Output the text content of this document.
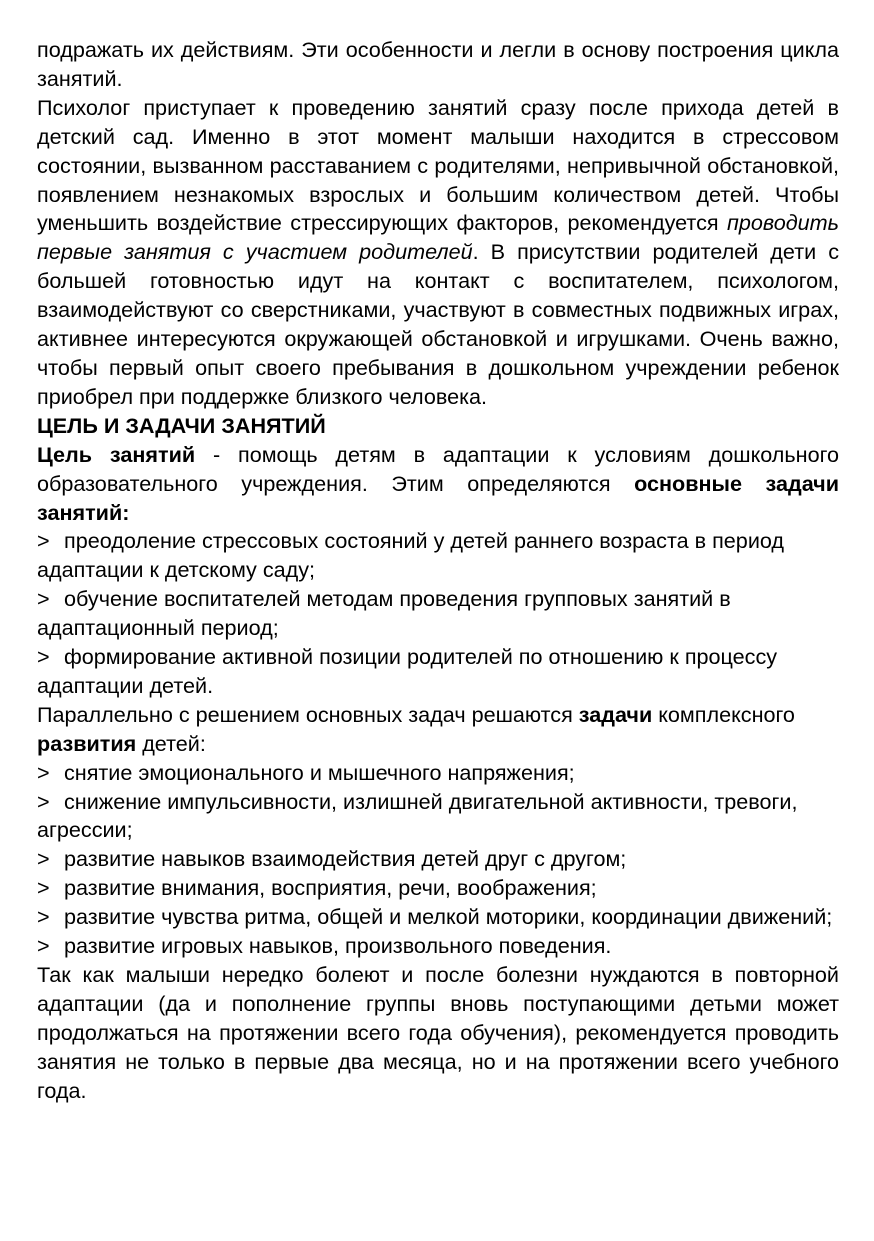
подражать их действиям. Эти особенности и легли в основу построения цикла занятий.

Психолог приступает к проведению занятий сразу после прихода детей в детский сад. Именно в этот момент малыши находится в стрессовом состоянии, вызванном расставанием с родителями, непривычной обстановкой, появлением незнакомых взрослых и большим количеством детей. Чтобы уменьшить воздействие стрессирующих факторов, рекомендуется проводить первые занятия с участием родителей. В присутствии родителей дети с большей готовностью идут на контакт с воспитателем, психологом, взаимодействуют со сверстниками, участвуют в совместных подвижных играх, активнее интересуются окружающей обстановкой и игрушками. Очень важно, чтобы первый опыт своего пребывания в дошкольном учреждении ребенок приобрел при поддержке близкого человека.

ЦЕЛЬ И ЗАДАЧИ ЗАНЯТИЙ

Цель занятий - помощь детям в адаптации к условиям дошкольного образовательного учреждения. Этим определяются основные задачи занятий:

> преодоление стрессовых состояний у детей раннего возраста в период адаптации к детскому саду;

> обучение воспитателей методам проведения групповых занятий в адаптационный период;

> формирование активной позиции родителей по отношению к процессу адаптации детей.

Параллельно с решением основных задач решаются задачи комплексного развития детей:

> снятие эмоционального и мышечного напряжения;

> снижение импульсивности, излишней двигательной активности, тревоги, агрессии;

> развитие навыков взаимодействия детей друг с другом;

> развитие внимания, восприятия, речи, воображения;

> развитие чувства ритма, общей и мелкой моторики, координации движений;

> развитие игровых навыков, произвольного поведения.

Так как малыши нередко болеют и после болезни нуждаются в повторной адаптации (да и пополнение группы вновь поступающими детьми может продолжаться на протяжении всего года обучения), рекомендуется проводить занятия не только в первые два месяца, но и на протяжении всего учебного года.
